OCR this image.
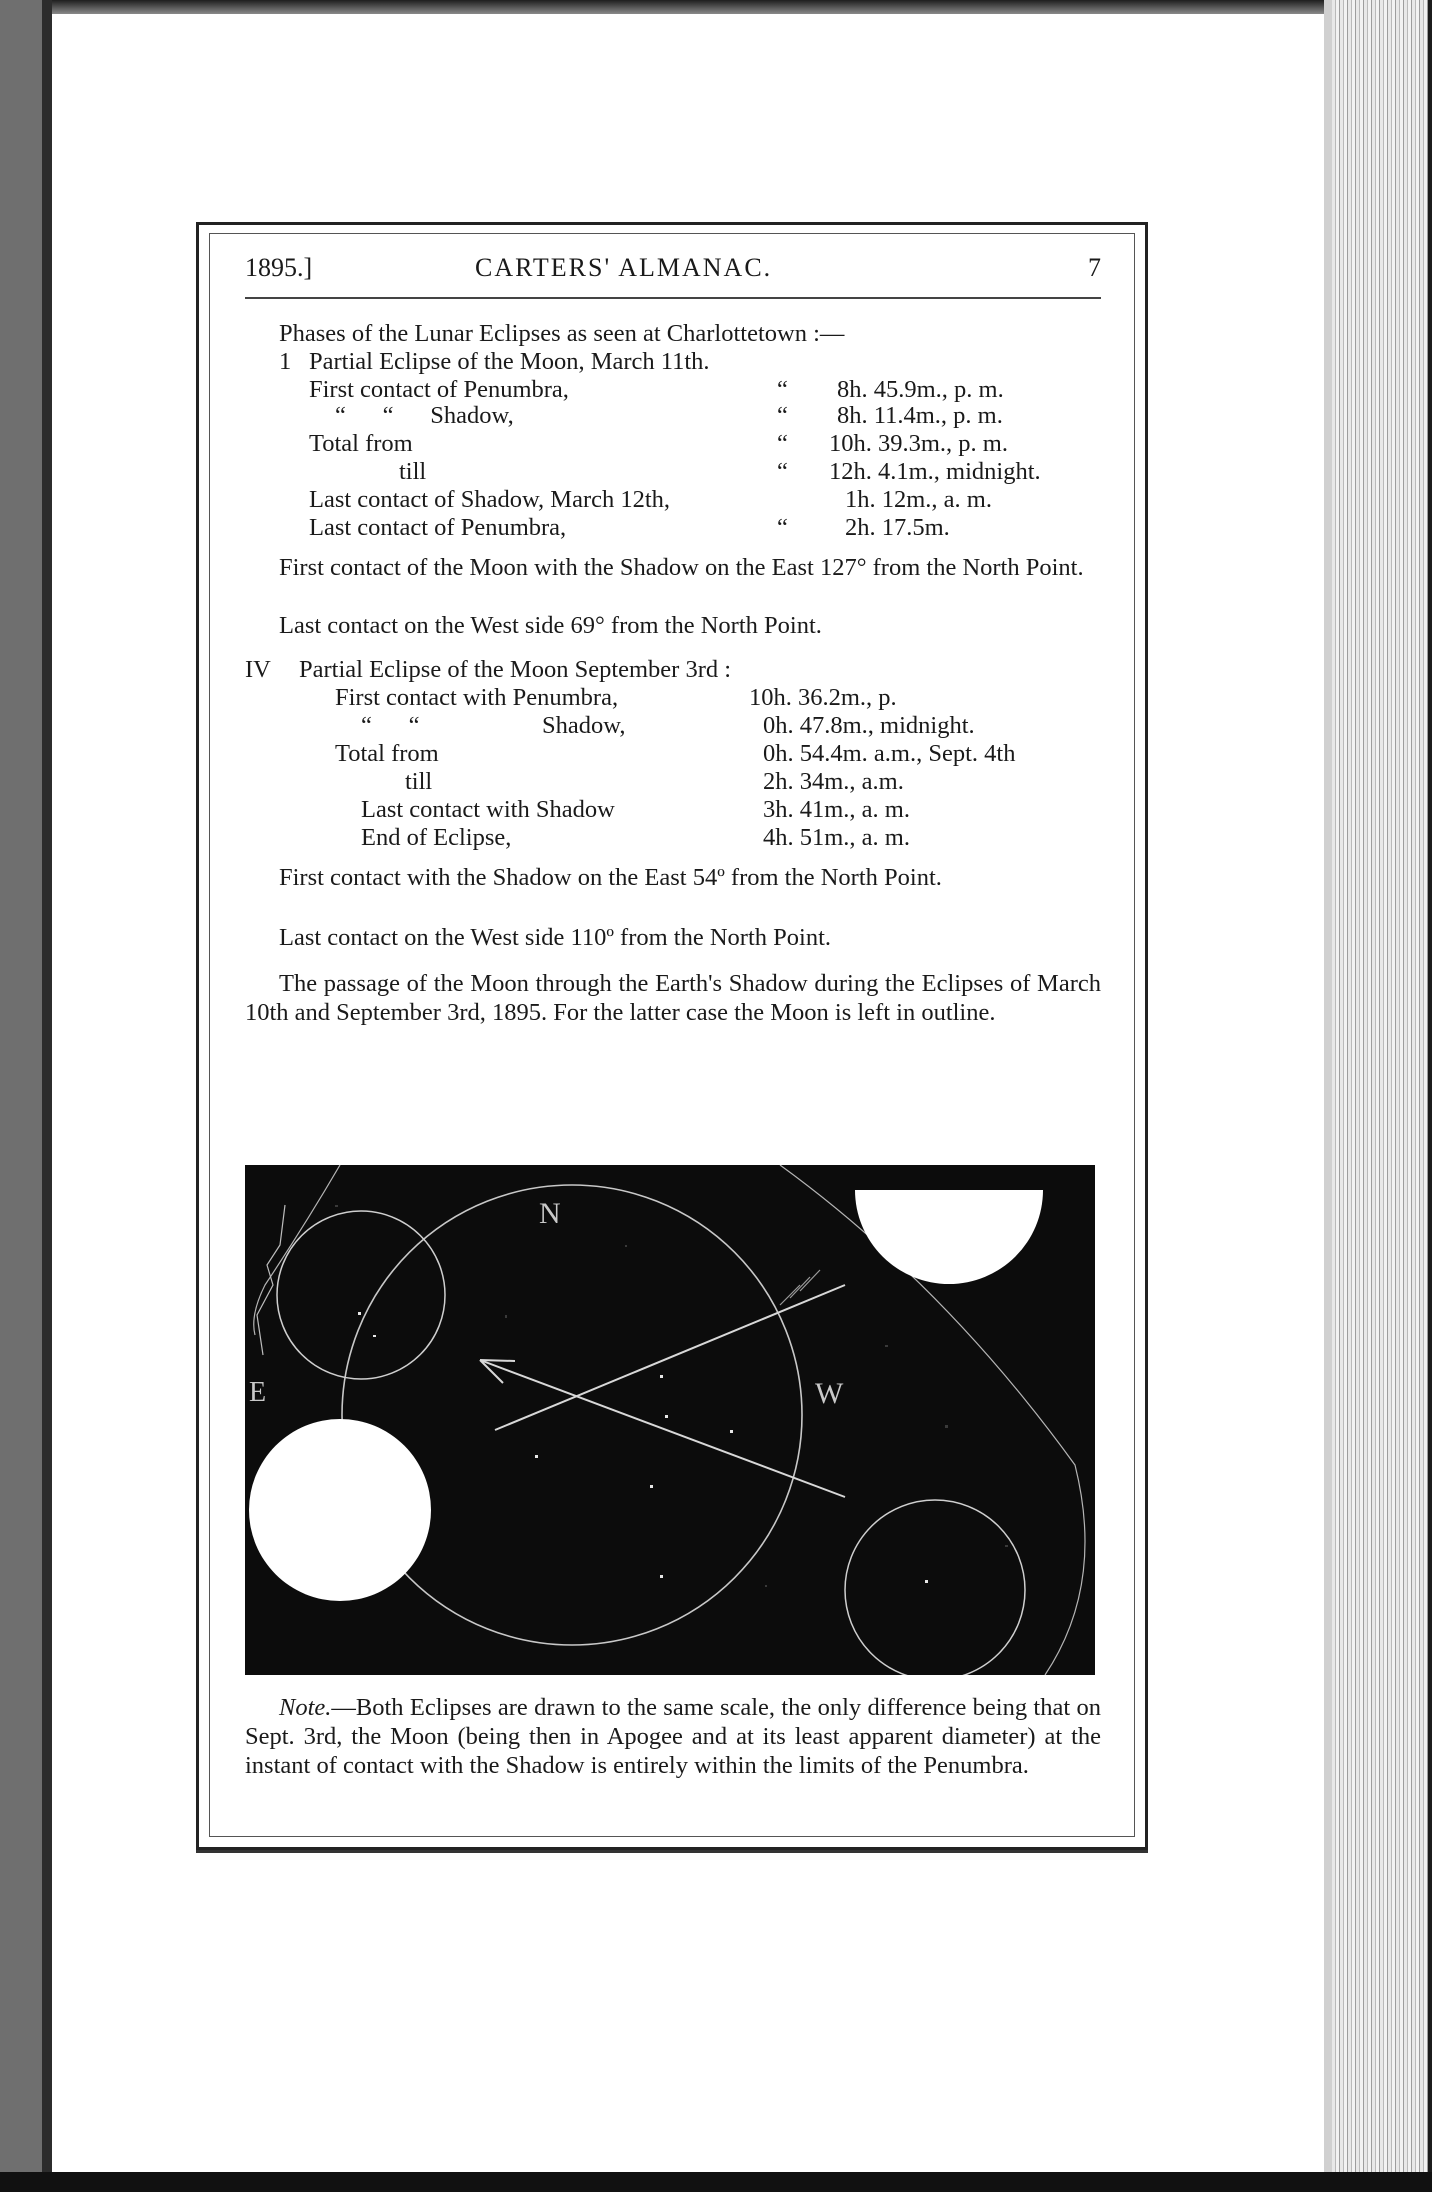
1895.]	CARTERS' ALMANAC.	7
Phases of the Lunar Eclipses as seen at Charlottetown :—
1 Partial Eclipse of the Moon, March 11th.
First contact of Penumbra,	“ 8h. 45.9m., p. m.
“      “      Shadow,	“ 8h. 11.4m., p. m.
Total from	“ 10h. 39.3m., p. m.
till	“ 12h. 4.1m., midnight.
Last contact of Shadow, March 12th,	1h. 12m., a. m.
Last contact of Penumbra,	“ 2h. 17.5m.
First contact of the Moon with the Shadow on the East 127° from the North Point.
Last contact on the West side 69° from the North Point.
IV Partial Eclipse of the Moon September 3rd :
First contact with Penumbra,	10h. 36.2m., p.
“      “                    Shadow,	0h. 47.8m., midnight.
Total from	0h. 54.4m. a.m., Sept. 4th
till	2h. 34m., a.m.
Last contact with Shadow	3h. 41m., a. m.
End of Eclipse,	4h. 51m., a. m.
First contact with the Shadow on the East 54º from the North Point.
Last contact on the West side 110º from the North Point.
The passage of the Moon through the Earth's Shadow during the Eclipses of March 10th and September 3rd, 1895. For the latter case the Moon is left in outline.
N
E	W
Note.—Both Eclipses are drawn to the same scale, the only difference being that on Sept. 3rd, the Moon (being then in Apogee and at its least apparent diameter) at the instant of contact with the Shadow is entirely within the limits of the Penumbra.
